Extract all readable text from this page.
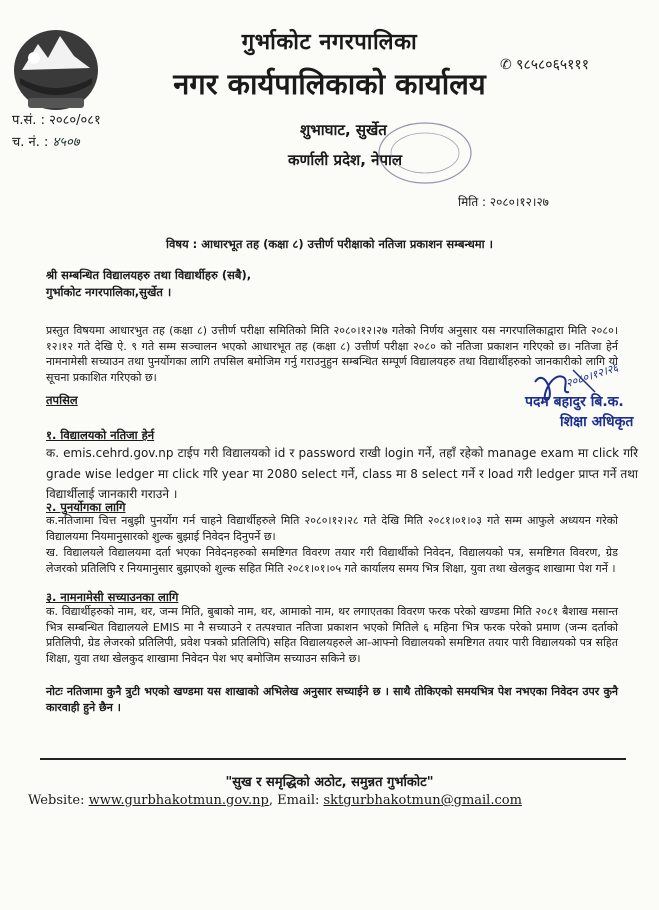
गुर्भाकोट नगरपालिका
नगर कार्यपालिकाको कार्यालय
✆ ९८५८०६५१११
शुभाघाट, सुर्खेत
कर्णाली प्रदेश, नेपाल
प.सं. : २०८०/०८१
च. नं. : ४५०७
मिति : २०८०।१२।२७
विषय : आधारभूत तह (कक्षा ८) उत्तीर्ण परीक्षाको नतिजा प्रकाशन सम्बन्धमा ।
श्री सम्बन्धित विद्यालयहरु तथा विद्यार्थीहरु (सबै),
गुर्भाकोट नगरपालिका,सुर्खेत ।
प्रस्तुत विषयमा आधारभुत तह (कक्षा ८) उत्तीर्ण परीक्षा समितिको मिति २०८०।१२।२७ गतेको निर्णय अनुसार यस नगरपालिकाद्वारा मिति २०८०।१२।१२ गते देखि ऐ. ९ गते सम्म सञ्चालन भएको आधारभूत तह (कक्षा ८) उत्तीर्ण परीक्षा २०८० को नतिजा प्रकाशन गरिएको छ। नतिजा हेर्न नामनामेसी सच्याउन तथा पुनर्योगका लागि तपसिल बमोजिम गर्नु गराउनुहुन सम्बन्धित सम्पूर्ण विद्यालयहरु तथा विद्यार्थीहरुको जानकारीको लागि यो सूचना प्रकाशित गरिएको छ।	२०८०।१२।२६
पदम बहादुर बि.क.
शिक्षा अधिकृत
तपसिल
१. विद्यालयको नतिजा हेर्न
क. emis.cehrd.gov.np टाईप गरी विद्यालयको id र password राखी login गर्ने, तहाँ रहेको manage exam मा click गरि grade wise ledger मा click गरि year मा 2080 select गर्ने, class मा 8 select गर्ने र load गरी ledger प्राप्त गर्ने तथा विद्यार्थीलाई जानकारी गराउने ।
२. पुनर्योगका लागि
क.नतिजामा चित्त नबुझी पुनर्योग गर्न चाहने विद्यार्थीहरुले मिति २०८०।१२।२८ गते देखि मिति २०८१।०१।०३ गते सम्म आफुले अध्ययन गरेको विद्यालयमा नियमानुसारको शुल्क बुझाई निवेदन दिनुपर्ने छ।
ख. विद्यालयले विद्यालयमा दर्ता भएका निवेदनहरुको समष्टिगत विवरण तयार गरी विद्यार्थीको निवेदन, विद्यालयको पत्र, समष्टिगत विवरण, ग्रेड लेजरको प्रतिलिपि र नियमानुसार बुझाएको शुल्क सहित मिति २०८१।०१।०५ गते कार्यालय समय भित्र शिक्षा, युवा तथा खेलकुद शाखामा पेश गर्ने ।
३. नामनामेसी सच्याउनका लागि
क. विद्यार्थीहरुको नाम, थर, जन्म मिति, बुबाको नाम, थर, आमाको नाम, थर लगाएतका विवरण फरक परेको खण्डमा मिति २०८१ बैशाख मसान्त भित्र सम्बन्धित विद्यालयले EMIS मा नै सच्याउने र तत्पश्चात नतिजा प्रकाशन भएको मितिले ६ महिना भित्र फरक परेको प्रमाण (जन्म दर्ताको प्रतिलिपी, ग्रेड लेजरको प्रतिलिपी, प्रवेश पत्रको प्रतिलिपि) सहित विद्यालयहरुले आ-आफ्नो विद्यालयको समष्टिगत तयार पारी विद्यालयको पत्र सहित शिक्षा, युवा तथा खेलकुद शाखामा निवेदन पेश भए बमोजिम सच्याउन सकिने छ।
नोटः नतिजामा कुनै त्रुटी भएको खण्डमा यस शाखाको अभिलेख अनुसार सच्याईने छ । साथै तोकिएको समयभित्र पेश नभएका निवेदन उपर कुनै कारवाही हुने छैन ।
"सुख र समृद्धिको अठोट, समुन्नत गुर्भाकोट"
Website: www.gurbhakotmun.gov.np, Email: sktgurbhakotmun@gmail.com
